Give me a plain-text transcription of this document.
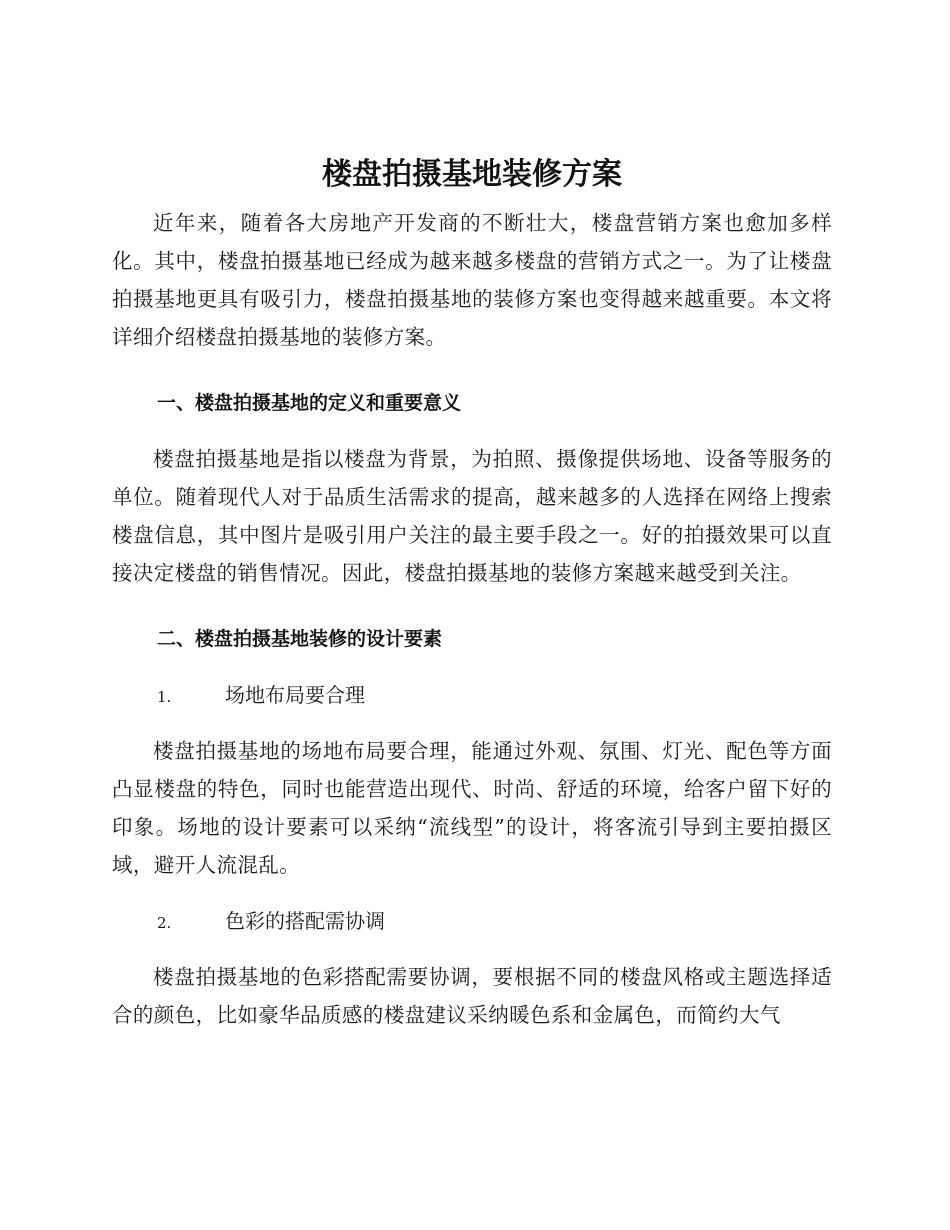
楼盘拍摄基地装修方案

近年来，随着各大房地产开发商的不断壮大，楼盘营销方案也愈加多样化。其中，楼盘拍摄基地已经成为越来越多楼盘的营销方式之一。为了让楼盘拍摄基地更具有吸引力，楼盘拍摄基地的装修方案也变得越来越重要。本文将详细介绍楼盘拍摄基地的装修方案。

一、楼盘拍摄基地的定义和重要意义

楼盘拍摄基地是指以楼盘为背景，为拍照、摄像提供场地、设备等服务的单位。随着现代人对于品质生活需求的提高，越来越多的人选择在网络上搜索楼盘信息，其中图片是吸引用户关注的最主要手段之一。好的拍摄效果可以直接决定楼盘的销售情况。因此，楼盘拍摄基地的装修方案越来越受到关注。

二、楼盘拍摄基地装修的设计要素
1.	场地布局要合理

楼盘拍摄基地的场地布局要合理，能通过外观、氛围、灯光、配色等方面凸显楼盘的特色，同时也能营造出现代、时尚、舒适的环境，给客户留下好的印象。场地的设计要素可以采纳“流线型”的设计，将客流引导到主要拍摄区域，避开人流混乱。

2.	色彩的搭配需协调

楼盘拍摄基地的色彩搭配需要协调，要根据不同的楼盘风格或主题选择适合的颜色，比如豪华品质感的楼盘建议采纳暖色系和金属色，而简约大气
